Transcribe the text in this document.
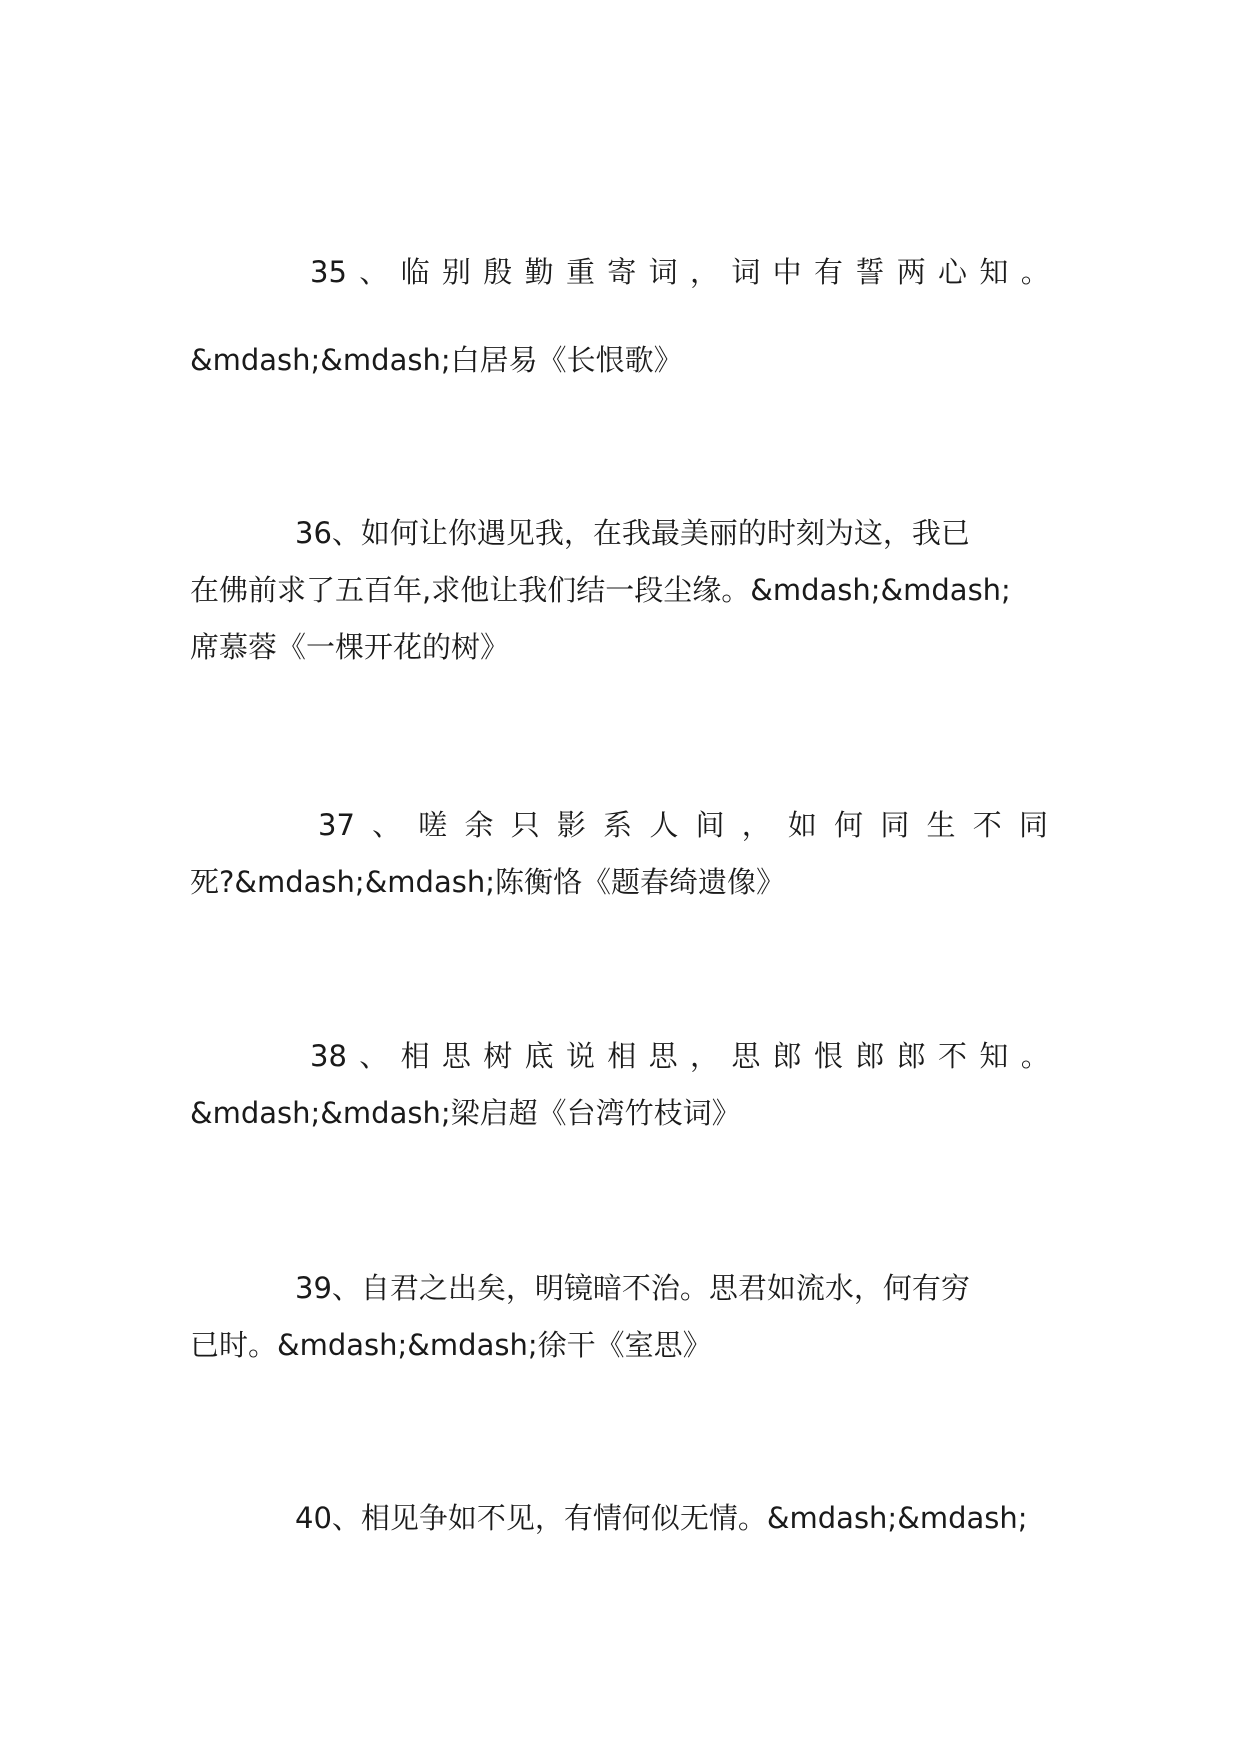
35 、 临 别 殷 勤 重 寄 词 ， 词 中 有 誓 两 心 知 。
&mdash;&mdash;白居易《长恨歌》
36、如何让你遇见我，在我最美丽的时刻为这，我已
在佛前求了五百年,求他让我们结一段尘缘。&mdash;&mdash;
席慕蓉《一棵开花的树》
37 、 嗟 余 只 影 系 人 间 ， 如 何 同 生 不 同
死?&mdash;&mdash;陈衡恪《题春绮遗像》
38 、 相 思 树 底 说 相 思 ， 思 郎 恨 郎 郎 不 知 。
&mdash;&mdash;梁启超《台湾竹枝词》
39、自君之出矣，明镜暗不治。思君如流水，何有穷
已时。&mdash;&mdash;徐干《室思》
40、相见争如不见，有情何似无情。&mdash;&mdash;
